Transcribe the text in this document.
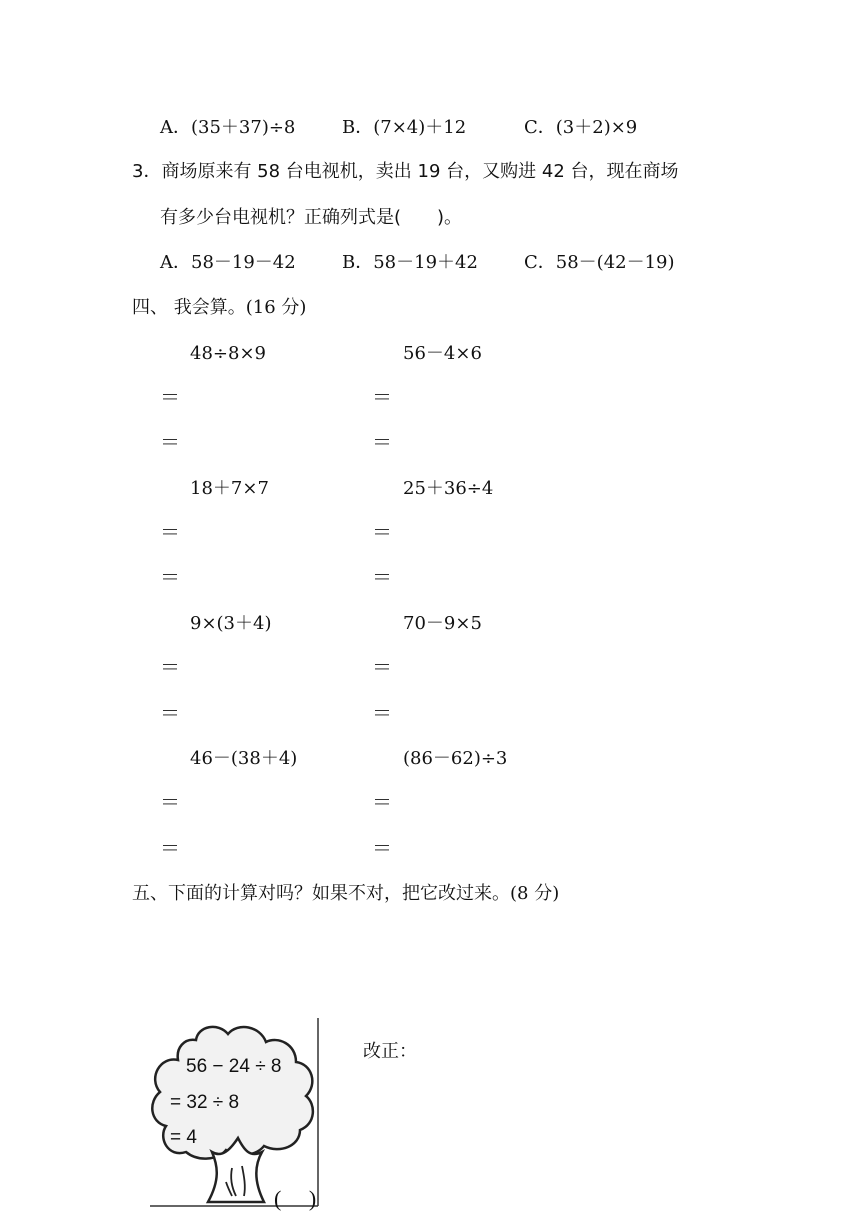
A．(35＋37)÷8	B．(7×4)＋12	C．(3＋2)×9
3．商场原来有 58 台电视机，卖出 19 台，又购进 42 台，现在商场
有多少台电视机？正确列式是(　　)。
A．58－19－42	B．58－19＋42	C．58－(42－19)
四、 我会算。(16 分)
48÷8×9	56－4×6
＝	＝
＝	＝
18＋7×7	25＋36÷4
＝	＝
＝	＝
9×(3＋4)	70－9×5
＝	＝
＝	＝
46－(38＋4)	(86－62)÷3
＝	＝
＝	＝
五、下面的计算对吗？如果不对，把它改过来。(8 分)
56 − 24 ÷ 8
= 32 ÷ 8
= 4
(　 )
改正：
